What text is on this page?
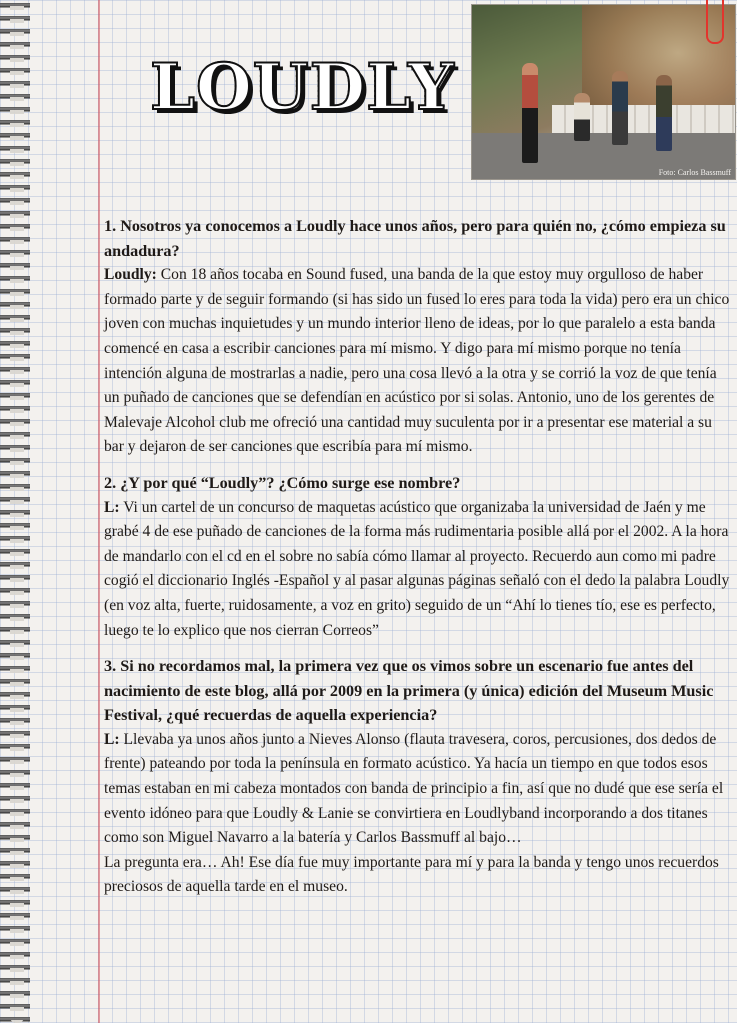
LOUDLY
Foto: Carlos Bassmuff

1. Nosotros ya conocemos a Loudly hace unos años, pero para quién no, ¿cómo empieza su andadura?

Loudly: Con 18 años tocaba en Sound fused, una banda de la que estoy muy orgulloso de haber formado parte y de seguir formando (si has sido un fused lo eres para toda la vida) pero era un chico joven con muchas inquietudes y un mundo interior lleno de ideas, por lo que paralelo a esta banda comencé en casa a escribir canciones para mí mismo. Y digo para mí mismo porque no tenía intención alguna de mostrarlas a nadie, pero una cosa llevó a la otra y se corrió la voz de que tenía un puñado de canciones que se defendían en acústico por si solas. Antonio, uno de los gerentes de Malevaje Alcohol club me ofreció una cantidad muy suculenta por ir a presentar ese material a su bar y dejaron de ser canciones que escribía para mí mismo.

2. ¿Y por qué “Loudly”? ¿Cómo surge ese nombre?

L: Vi un cartel de un concurso de maquetas acústico que organizaba la universidad de Jaén y me grabé 4 de ese puñado de canciones de la forma más rudimentaria posible allá por el 2002. A la hora de mandarlo con el cd en el sobre no sabía cómo llamar al proyecto. Recuerdo aun como mi padre cogió el diccionario Inglés -Español y al pasar algunas páginas señaló con el dedo la palabra Loudly (en voz alta, fuerte, ruidosamente, a voz en grito) seguido de un “Ahí lo tienes tío, ese es perfecto, luego te lo explico que nos cierran Correos”

3. Si no recordamos mal, la primera vez que os vimos sobre un escenario fue antes del nacimiento de este blog, allá por 2009 en la primera (y única) edición del Museum Music Festival, ¿qué recuerdas de aquella experiencia?

L: Llevaba ya unos años junto a Nieves Alonso (flauta travesera, coros, percusiones, dos dedos de frente) pateando por toda la península en formato acústico. Ya hacía un tiempo en que todos esos temas estaban en mi cabeza montados con banda de principio a fin, así que no dudé que ese sería el evento idóneo para que Loudly & Lanie se convirtiera en Loudlyband incorporando a dos titanes como son Miguel Navarro a la batería y Carlos Bassmuff al bajo…

La pregunta era… Ah! Ese día fue muy importante para mí y para la banda y tengo unos recuerdos preciosos de aquella tarde en el museo.
